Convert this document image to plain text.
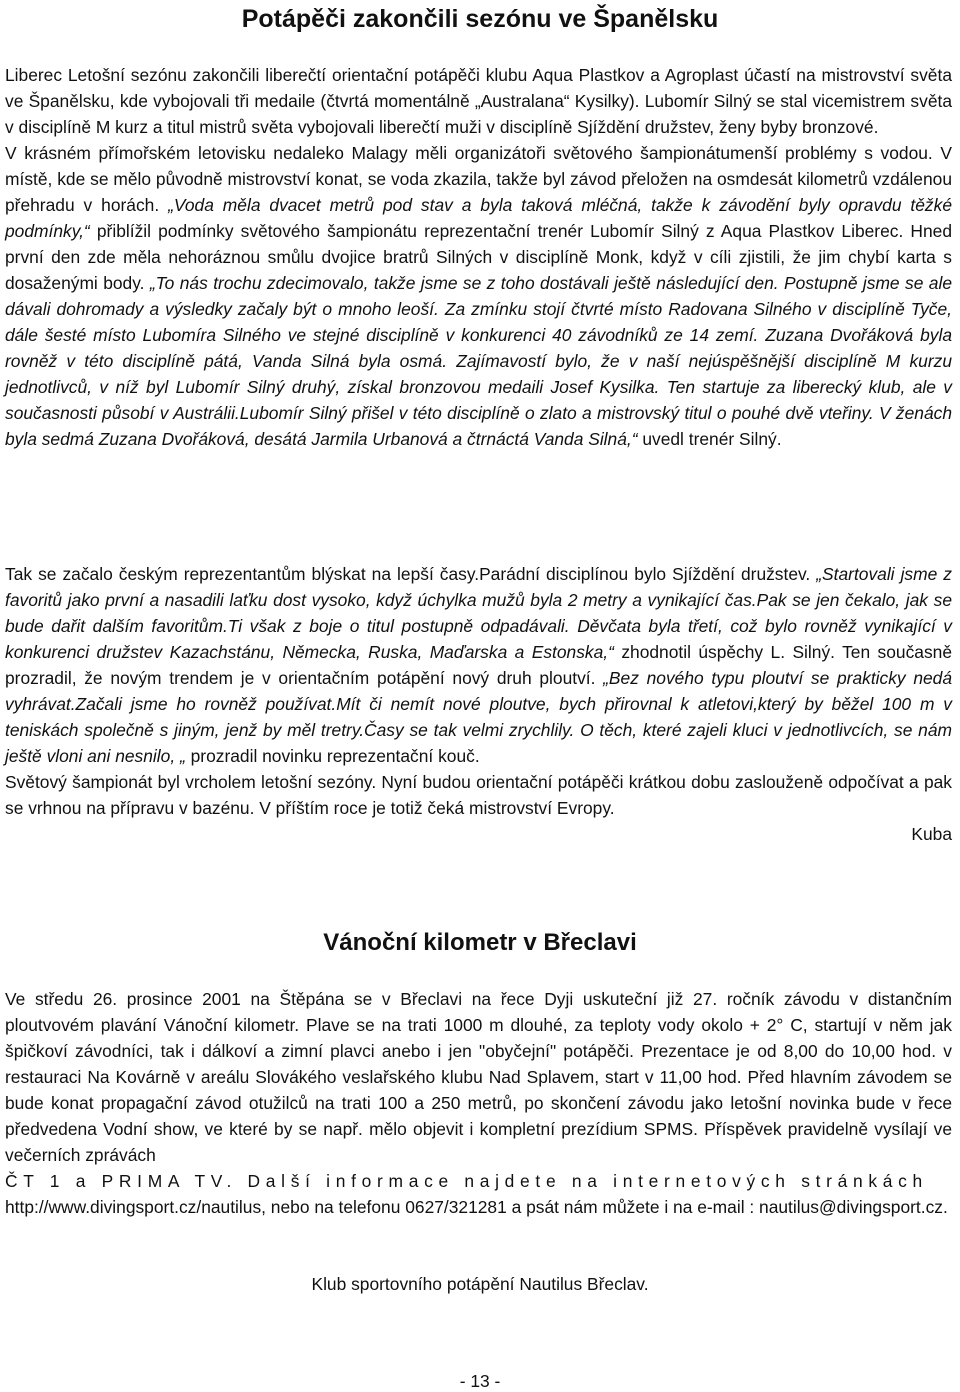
Potápěči zakončili sezónu ve Španělsku

Liberec Letošní sezónu zakončili liberečtí orientační potápěči klubu Aqua Plastkov a Agroplast účastí na mistrovství světa ve Španělsku, kde vybojovali tři medaile (čtvrtá momentálně „Australana“ Kysilky). Lubomír Silný se stal vicemistrem světa v disciplíně M kurz a titul mistrů světa vybojovali liberečtí muži v disciplíně Sjíždění družstev, ženy byby bronzové.
V krásném přímořském letovisku nedaleko Malagy měli organizátoři světového šampionátumenší problémy s vodou. V místě, kde se mělo původně mistrovství konat, se voda zkazila, takže byl závod přeložen na osmdesát kilometrů vzdálenou přehradu v horách. „Voda měla dvacet metrů pod stav a byla taková mléčná, takže k závodění byly opravdu těžké podmínky,“ přiblížil podmínky světového šampionátu reprezentační trenér Lubomír Silný z Aqua Plastkov Liberec. Hned první den zde měla nehoráznou smůlu dvojice bratrů Silných v disciplíně Monk, když v cíli zjistili, že jim chybí karta s dosaženými body. „To nás trochu zdecimovalo, takže jsme se z toho dostávali ještě následující den. Postupně jsme se ale dávali dohromady a výsledky začaly být o mnoho leoší. Za zmínku stojí čtvrté místo Radovana Silného v disciplíně Tyče, dále šesté místo Lubomíra Silného ve stejné disciplíně v konkurenci 40 závodníků ze 14 zemí. Zuzana Dvořáková byla rovněž v této disciplíně pátá, Vanda Silná byla osmá. Zajímavostí bylo, že v naší nejúspěšnější disciplíně M kurzu jednotlivců, v níž byl Lubomír Silný druhý, získal bronzovou medaili Josef Kysilka. Ten startuje za liberecký klub, ale v současnosti působí v Austrálii.Lubomír Silný přišel v této disciplíně o zlato a mistrovský titul o pouhé dvě vteřiny. V ženách byla sedmá Zuzana Dvořáková, desátá Jarmila Urbanová a čtrnáctá Vanda Silná,“ uvedl trenér Silný.

Tak se začalo českým reprezentantům blýskat na lepší časy.Parádní disciplínou bylo Sjíždění družstev. „Startovali jsme z favoritů jako první a nasadili laťku dost vysoko, když úchylka mužů byla 2 metry a vynikající čas.Pak se jen čekalo, jak se bude dařit dalším favoritům.Ti však z boje o titul postupně odpadávali. Děvčata byla třetí, což bylo rovněž vynikající v konkurenci družstev Kazachstánu, Německa, Ruska, Maďarska a Estonska,“ zhodnotil úspěchy L. Silný. Ten současně prozradil, že novým trendem je v orientačním potápění nový druh ploutví. „Bez nového typu ploutví se prakticky nedá vyhrávat.Začali jsme ho rovněž používat.Mít či nemít nové ploutve, bych přirovnal k atletovi,který by běžel 100 m v teniskách společně s jiným, jenž by měl tretry.Časy se tak velmi zrychlily. O těch, které zajeli kluci v jednotlivcích, se nám ještě vloni ani nesnilo, „ prozradil novinku reprezentační kouč.

Světový šampionát byl vrcholem letošní sezóny. Nyní budou orientační potápěči krátkou dobu zaslouženě odpočívat a pak se vrhnou na přípravu v bazénu. V příštím roce je totiž čeká mistrovství Evropy.

Kuba

Vánoční kilometr v Břeclavi

Ve středu 26. prosince 2001 na Štěpána se v Břeclavi na řece Dyji uskuteční již 27. ročník závodu v distančním ploutvovém plavání Vánoční kilometr. Plave se na trati 1000 m dlouhé, za teploty vody okolo + 2° C, startují v něm jak špičkoví závodníci, tak i dálkoví a zimní plavci anebo i jen "obyčejní" potápěči. Prezentace je od 8,00 do 10,00 hod. v restauraci Na Kovárně v areálu Slovákého veslařského klubu Nad Splavem, start v 11,00 hod. Před hlavním závodem se bude konat propagační závod otužilců na trati 100 a 250 metrů, po skončení závodu jako letošní novinka bude v řece předvedena Vodní show, ve které by se např. mělo objevit i kompletní prezídium SPMS. Příspěvek pravidelně vysílají ve večerních zprávách
ČT 1 a PRIMA TV. Další informace najdete na internetových stránkách
http://www.divingsport.cz/nautilus, nebo na telefonu 0627/321281 a psát nám můžete i na e-mail : nautilus@divingsport.cz.

Klub sportovního potápění Nautilus Břeclav.

- 13 -
